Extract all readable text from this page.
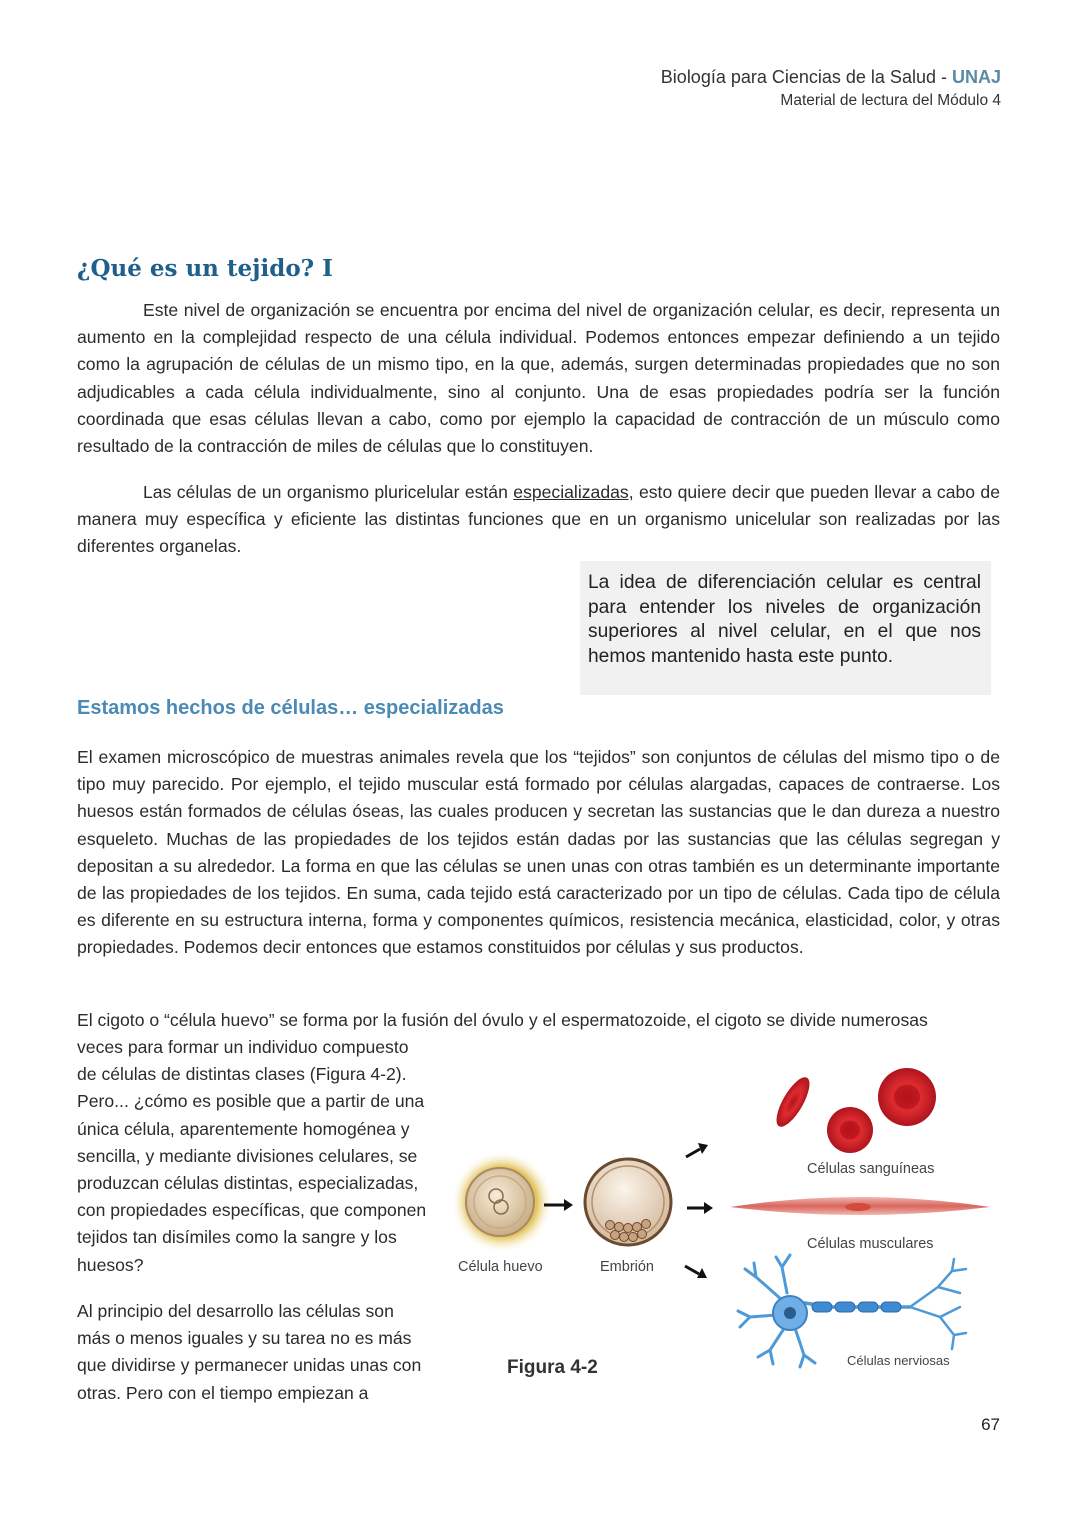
Biología para Ciencias de la Salud - UNAJ
Material de lectura del Módulo 4
¿Qué es un tejido? I

Este nivel de organización se encuentra por encima del nivel de organización celular, es decir, representa un aumento en la complejidad respecto de una célula individual. Podemos entonces empezar definiendo a un tejido como la agrupación de células de un mismo tipo, en la que, además, surgen determinadas propiedades que no son adjudicables a cada célula individualmente, sino al conjunto. Una de esas propiedades podría ser la función coordinada que esas células llevan a cabo, como por ejemplo la capacidad de contracción de un músculo como resultado de la contracción de miles de células que lo constituyen.

Las células de un organismo pluricelular están especializadas, esto quiere decir que pueden llevar a cabo de manera muy específica y eficiente las distintas funciones que en un organismo unicelular son realizadas por las diferentes organelas.

La idea de diferenciación celular es central para entender los niveles de organización superiores al nivel celular, en el que nos hemos mantenido hasta este punto.

Estamos hechos de células… especializadas

El examen microscópico de muestras animales revela que los “tejidos” son conjuntos de células del mismo tipo o de tipo muy parecido. Por ejemplo, el tejido muscular está formado por células alargadas, capaces de contraerse. Los huesos están formados de células óseas, las cuales producen y secretan las sustancias que le dan dureza a nuestro esqueleto. Muchas de las propiedades de los tejidos están dadas por las sustancias que las células segregan y depositan a su alrededor. La forma en que las células se unen unas con otras también es un determinante importante de las propiedades de los tejidos. En suma, cada tejido está caracterizado por un tipo de células. Cada tipo de célula es diferente en su estructura interna, forma y componentes químicos, resistencia mecánica, elasticidad, color, y otras propiedades. Podemos decir entonces que estamos constituidos por células y sus productos.

El cigoto o “célula huevo” se forma por la fusión del óvulo y el espermatozoide, el cigoto se divide numerosas

veces para formar un individuo compuesto de células de distintas clases (Figura 4-2). Pero... ¿cómo es posible que a partir de una única célula, aparentemente homogénea y sencilla, y mediante divisiones celulares, se produzcan células distintas, especializadas, con propiedades específicas, que componen tejidos tan disímiles como la sangre y los huesos?

Al principio del desarrollo las células son más o menos iguales y su tarea no es más que dividirse y permanecer unidas unas con otras. Pero con el tiempo empiezan a

Célula huevo	Embrión
Células sanguíneas
Células musculares
Células nerviosas
Figura 4-2
67
